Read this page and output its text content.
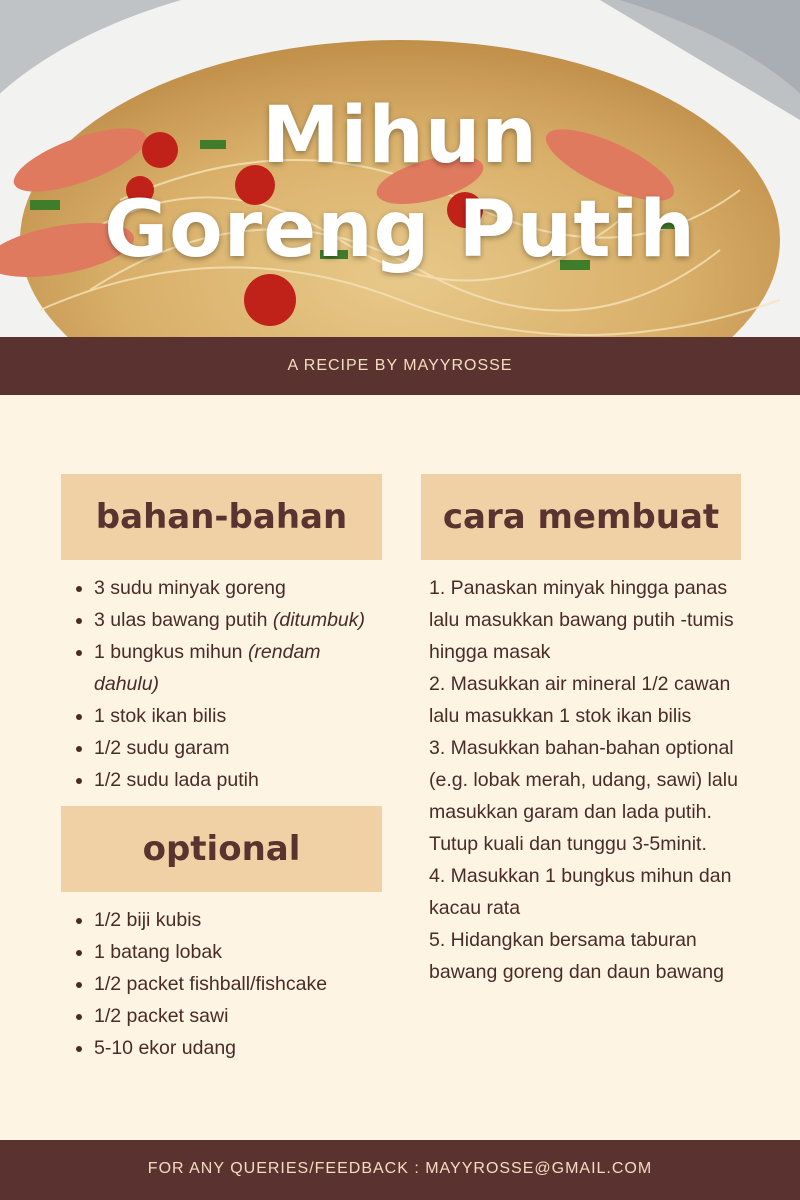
Mihun
Goreng Putih
A RECIPE BY MAYYROSSE
bahan-bahan
• 3 sudu minyak goreng
• 3 ulas bawang putih (ditumbuk)
• 1 bungkus mihun (rendam dahulu)
• 1 stok ikan bilis
• 1/2 sudu garam
• 1/2 sudu lada putih
optional
• 1/2 biji kubis
• 1 batang lobak
• 1/2 packet fishball/fishcake
• 1/2 packet sawi
• 5-10 ekor udang
cara membuat
1. Panaskan minyak hingga panas lalu masukkan bawang putih -tumis hingga masak
2. Masukkan air mineral 1/2 cawan lalu masukkan 1 stok ikan bilis
3. Masukkan bahan-bahan optional (e.g. lobak merah, udang, sawi) lalu masukkan garam dan lada putih. Tutup kuali dan tunggu 3-5minit.
4. Masukkan 1 bungkus mihun dan kacau rata
5. Hidangkan bersama taburan bawang goreng dan daun bawang
FOR ANY QUERIES/FEEDBACK : MAYYROSSE@GMAIL.COM
